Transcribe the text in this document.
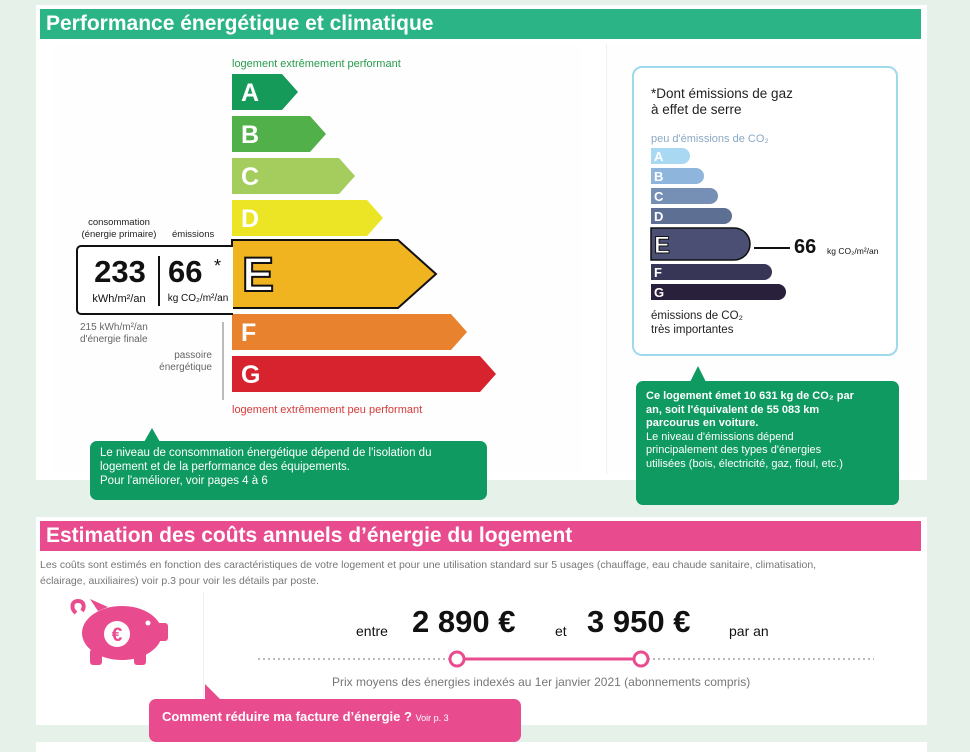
Performance énergétique et climatique
logement extrêmement performant
A
B
C
D
E
F
G
consommation
(énergie primaire)	émissions
233
kWh/m²/an
66 *
kg CO₂/m²/an
215 kWh/m²/an
d'énergie finale
passoire
énergétique
logement extrêmement peu performant
Le niveau de consommation énergétique dépend de l'isolation du
logement et de la performance des équipements.
Pour l'améliorer, voir pages 4 à 6
*Dont émissions de gaz
à effet de serre
peu d'émissions de CO₂
A
B
C
D
E
F
G
66 kg CO₂/m²/an
émissions de CO₂
très importantes
Ce logement émet 10 631 kg de CO₂ par
an, soit l'équivalent de 55 083 km
parcourus en voiture.
Le niveau d'émissions dépend
principalement des types d'énergies
utilisées (bois, électricité, gaz, fioul, etc.)
Estimation des coûts annuels d’énergie du logement
Les coûts sont estimés en fonction des caractéristiques de votre logement et pour une utilisation standard sur 5 usages (chauffage, eau chaude sanitaire, climatisation,
éclairage, auxiliaires) voir p.3 pour voir les détails par poste.
€	entre 2 890 €	et 3 950 €	par an
Prix moyens des énergies indexés au 1er janvier 2021 (abonnements compris)
Comment réduire ma facture d’énergie ? Voir p. 3
